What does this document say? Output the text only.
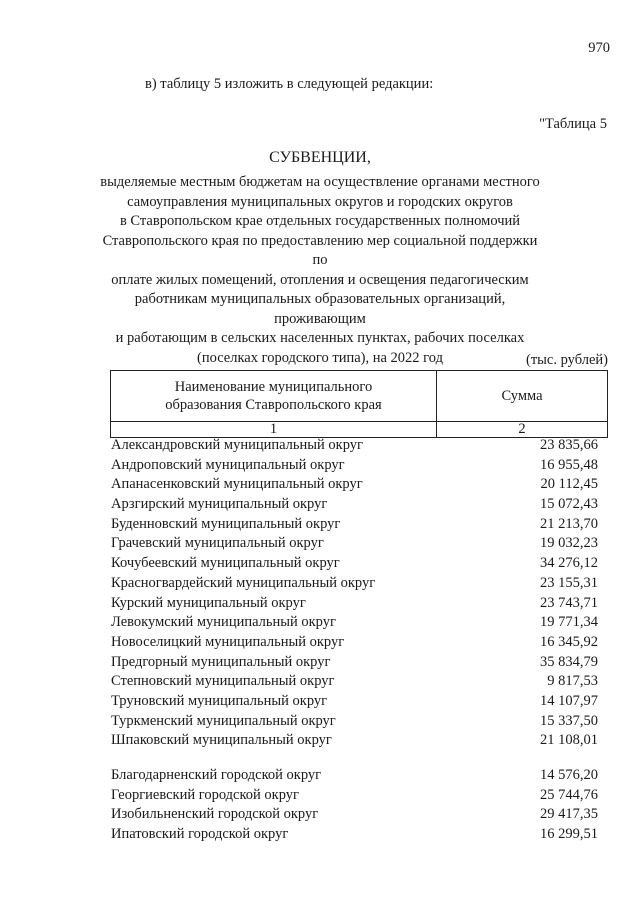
970
в) таблицу 5 изложить в следующей редакции:
"Таблица 5
СУБВЕНЦИИ,
выделяемые местным бюджетам на осуществление органами местного
самоуправления муниципальных округов и городских округов
в Ставропольском крае отдельных государственных полномочий
Ставропольского края по предоставлению мер социальной поддержки по
оплате жилых помещений, отопления и освещения педагогическим
работникам муниципальных образовательных организаций, проживающим
и работающим в сельских населенных пунктах, рабочих поселках
(поселках городского типа), на 2022 год	(тыс. рублей)
Наименование муниципального
образования Ставропольского края	Сумма
1	2
Александровский муниципальный округ	23 835,66
Андроповский муниципальный округ	16 955,48
Апанасенковский муниципальный округ	20 112,45
Арзгирский муниципальный округ	15 072,43
Буденновский муниципальный округ	21 213,70
Грачевский муниципальный округ	19 032,23
Кочубеевский муниципальный округ	34 276,12
Красногвардейский муниципальный округ	23 155,31
Курский муниципальный округ	23 743,71
Левокумский муниципальный округ	19 771,34
Новоселицкий муниципальный округ	16 345,92
Предгорный муниципальный округ	35 834,79
Степновский муниципальный округ	9 817,53
Труновский муниципальный округ	14 107,97
Туркменский муниципальный округ	15 337,50
Шпаковский муниципальный округ	21 108,01
Благодарненский городской округ	14 576,20
Георгиевский городской округ	25 744,76
Изобильненский городской округ	29 417,35
Ипатовский городской округ	16 299,51
